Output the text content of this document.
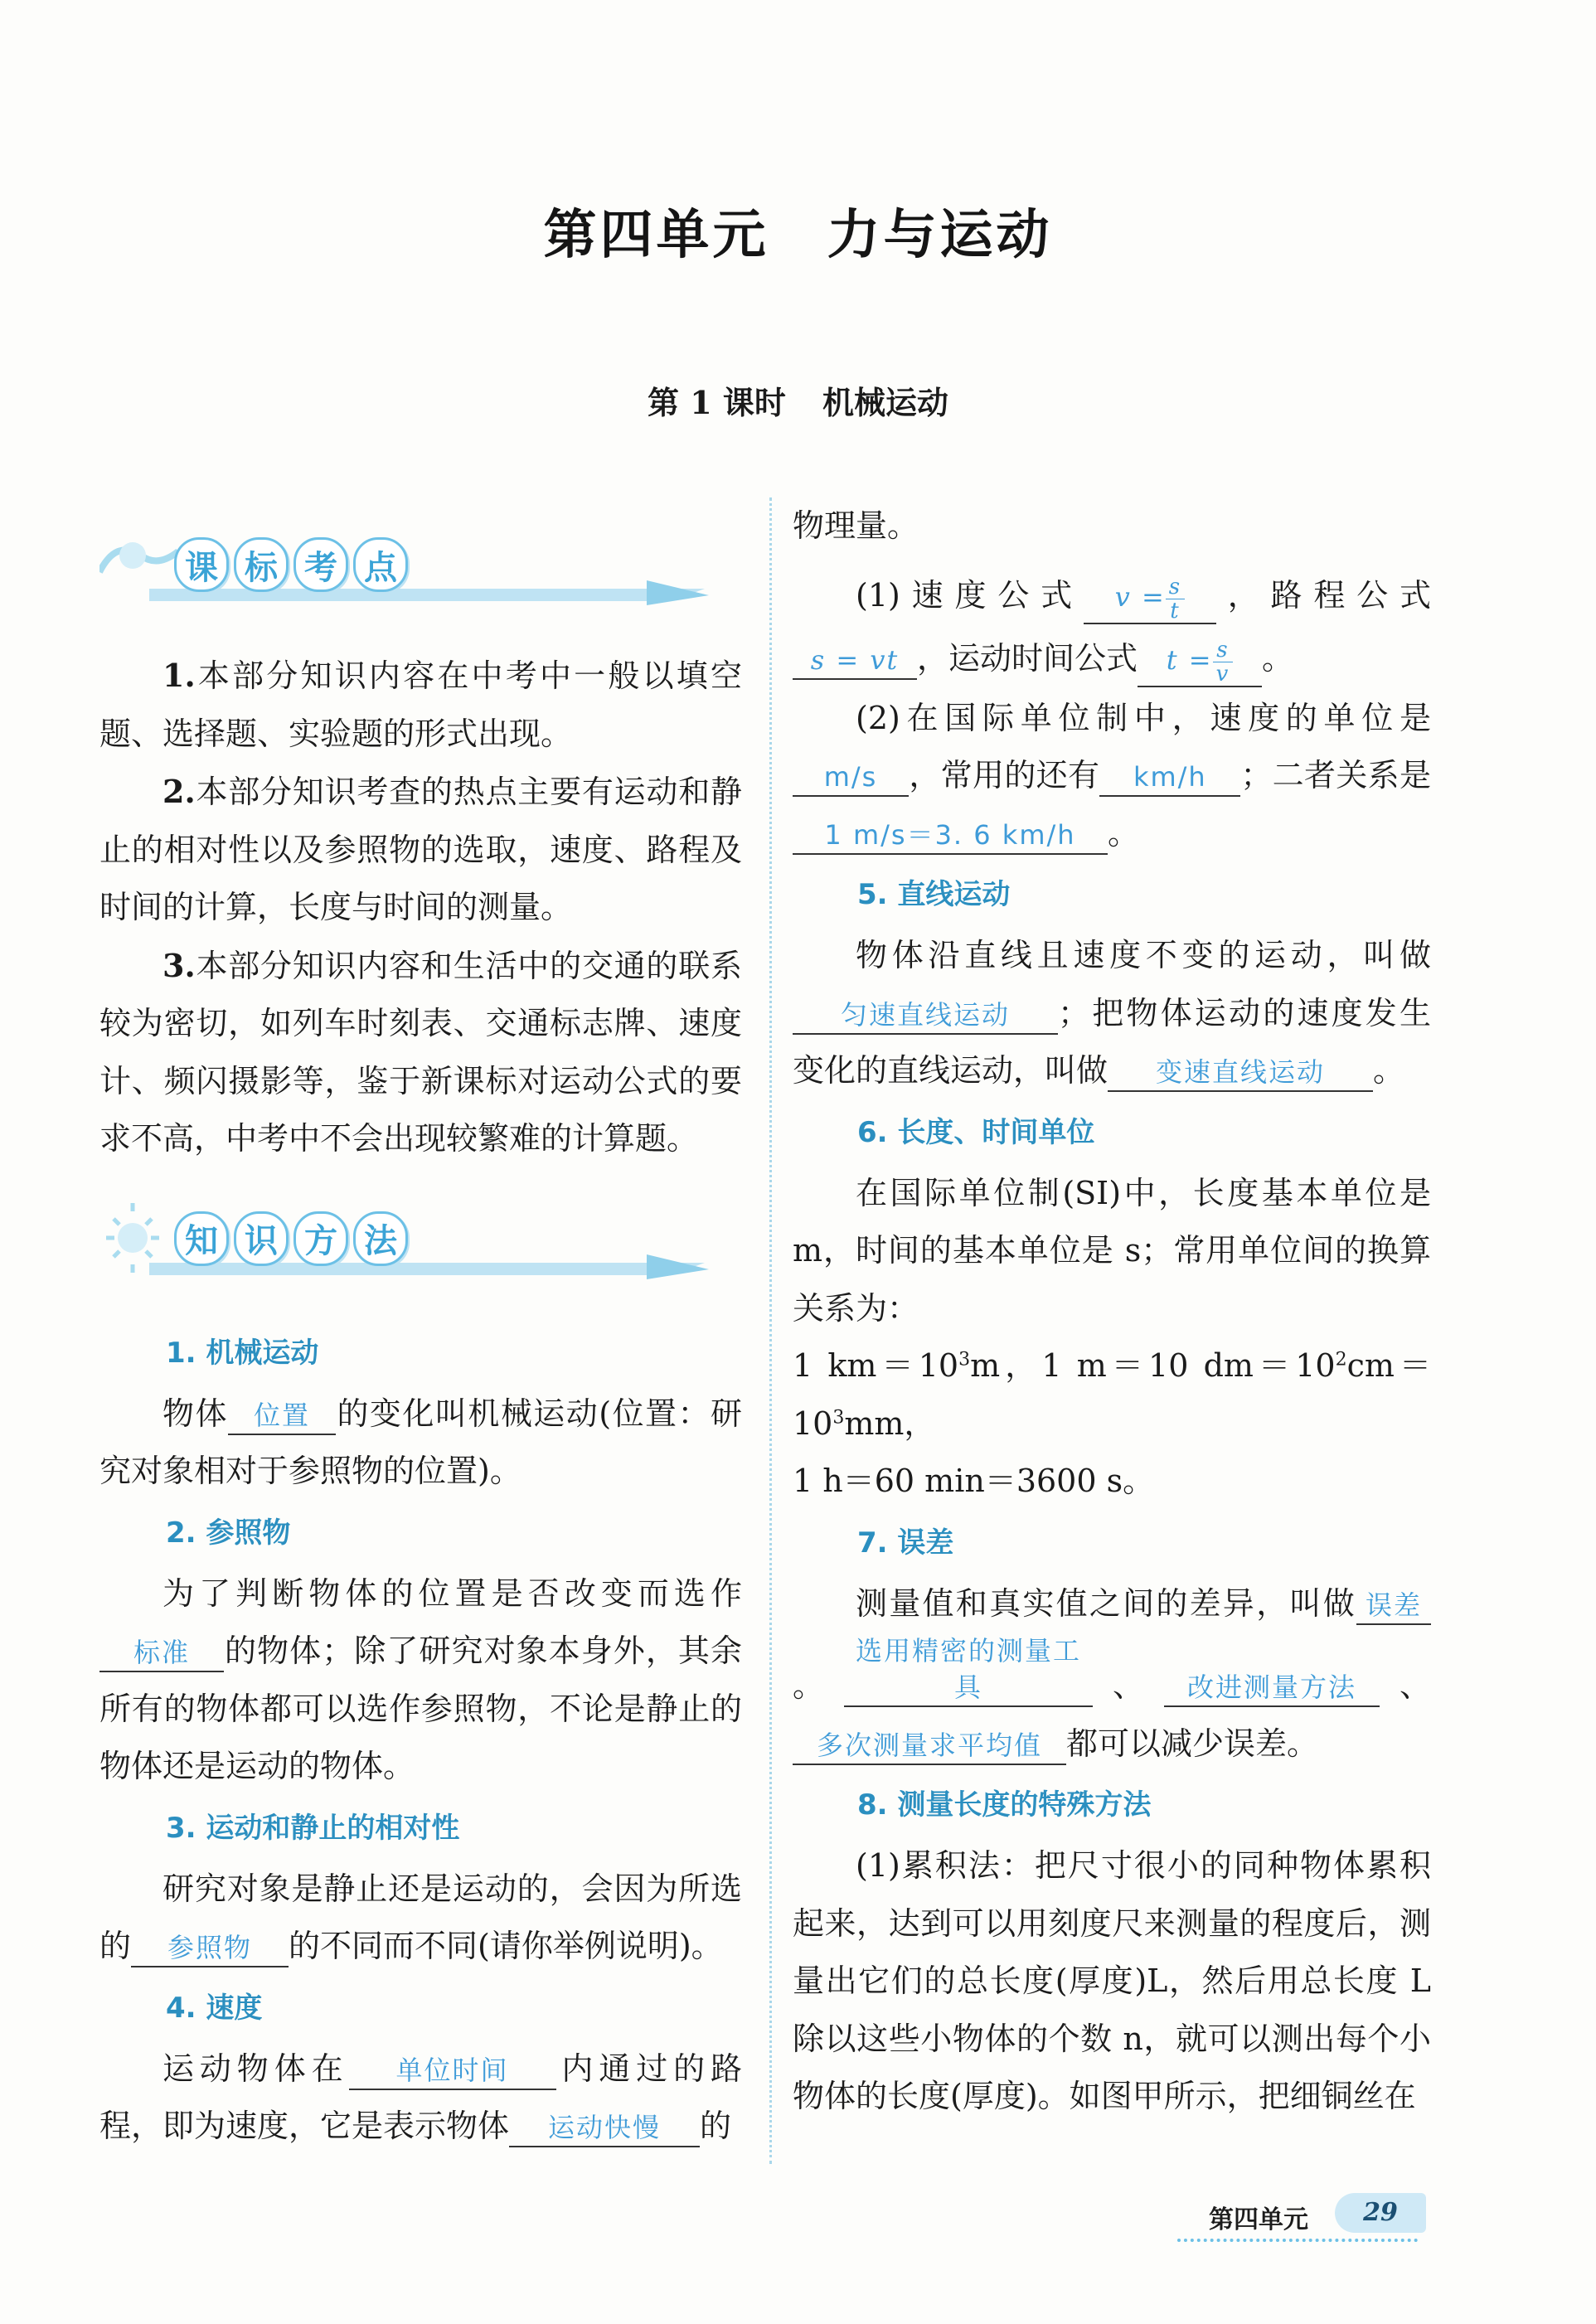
第四单元 力与运动
第 1 课时 机械运动
课 标 考 点

1.本部分知识内容在中考中一般以填空题、选择题、实验题的形式出现。

2.本部分知识考查的热点主要有运动和静止的相对性以及参照物的选取，速度、路程及时间的计算，长度与时间的测量。

3.本部分知识内容和生活中的交通的联系较为密切，如列车时刻表、交通标志牌、速度计、频闪摄影等，鉴于新课标对运动公式的要求不高，中考中不会出现较繁难的计算题。

知 识 方 法
1. 机械运动

物体 位置 的变化叫机械运动(位置：研究对象相对于参照物的位置)。

2. 参照物

为了判断物体的位置是否改变而选作标准 的物体；除了研究对象本身外，其余所有的物体都可以选作参照物，不论是静止的物体还是运动的物体。

3. 运动和静止的相对性

研究对象是静止还是运动的，会因为所选的 参照物 的不同而不同(请你举例说明)。

4. 速度

运动物体在 单位时间 内通过的路程，即为速度，它是表示物体 运动快慢 的

物理量。

(1)速度公式 $v = \frac{s}{t}$ ，路程公式s = vt ，运动时间公式 $t = \frac{s}{v}$ 。

(2)在国际单位制中，速度的单位是m/s ，常用的还有 km/h ；二者关系是1 m/s＝3. 6 km/h 。

5. 直线运动

物体沿直线且速度不变的运动，叫做匀速直线运动 ；把物体运动的速度发生变化的直线运动，叫做 变速直线运动 。

6. 长度、时间单位

在国际单位制(SI)中，长度基本单位是m，时间的基本单位是 s；常用单位间的换算关系为：

1 $km=10^3m$，1 m＝10 $dm=10^2cm=10^3mm$，

1 h＝60 min＝3600 s。

7. 误差

测量值和真实值之间的差异，叫做 误差。选用精密的测量工具	、 改进测量方法 、多次测量求平均值 都可以减少误差。

8. 测量长度的特殊方法

(1)累积法：把尺寸很小的同种物体累积起来，达到可以用刻度尺来测量的程度后，测量出它们的总长度(厚度)L，然后用总长度 L 除以这些小物体的个数 n，就可以测出每个小物体的长度(厚度)。如图甲所示，把细铜丝在

第四单元	29
